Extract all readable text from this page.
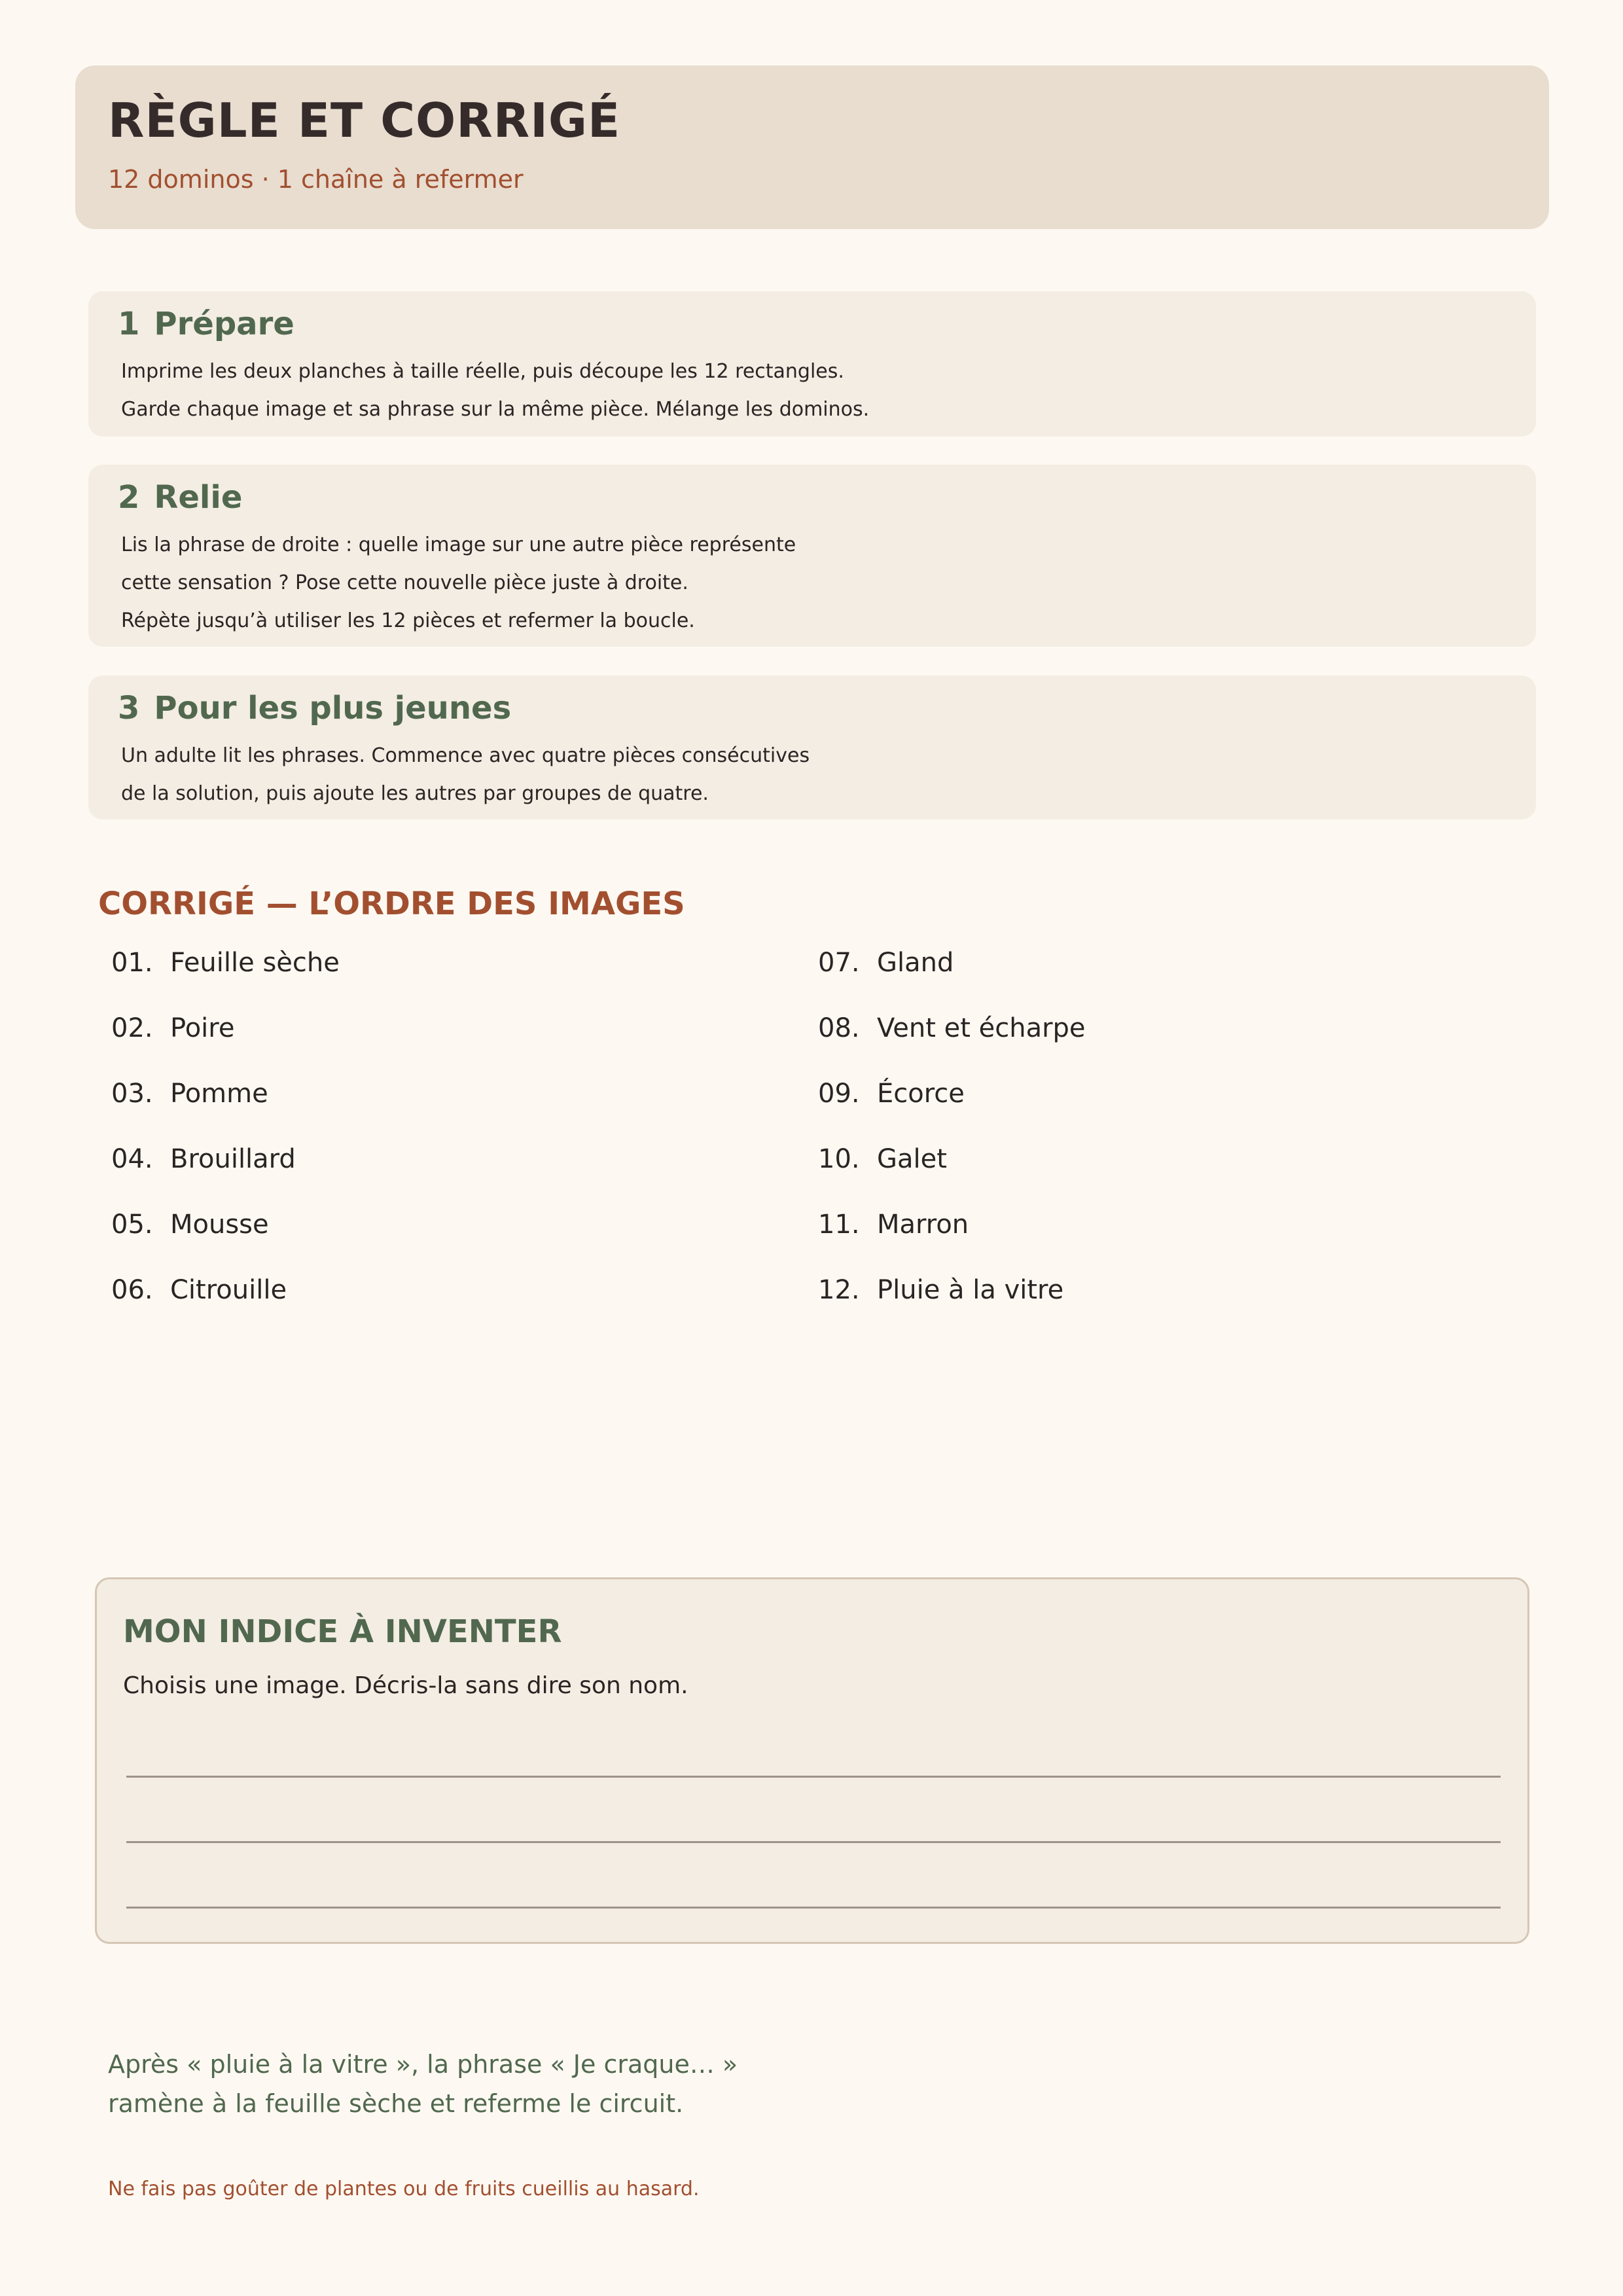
RÈGLE ET CORRIGÉ
12 dominos · 1 chaîne à refermer
1 Prépare
Imprime les deux planches à taille réelle, puis découpe les 12 rectangles.
Garde chaque image et sa phrase sur la même pièce. Mélange les dominos.
2 Relie
Lis la phrase de droite : quelle image sur une autre pièce représente
cette sensation ? Pose cette nouvelle pièce juste à droite.
Répète jusqu’à utiliser les 12 pièces et refermer la boucle.
3 Pour les plus jeunes
Un adulte lit les phrases. Commence avec quatre pièces consécutives
de la solution, puis ajoute les autres par groupes de quatre.
CORRIGÉ — L’ORDRE DES IMAGES
01. Feuille sèche
02. Poire
03. Pomme
04. Brouillard
05. Mousse
06. Citrouille
07. Gland
08. Vent et écharpe
09. Écorce
10. Galet
11. Marron
12. Pluie à la vitre
MON INDICE À INVENTER
Choisis une image. Décris-la sans dire son nom.
Après « pluie à la vitre », la phrase « Je craque… »
ramène à la feuille sèche et referme le circuit.
Ne fais pas goûter de plantes ou de fruits cueillis au hasard.
